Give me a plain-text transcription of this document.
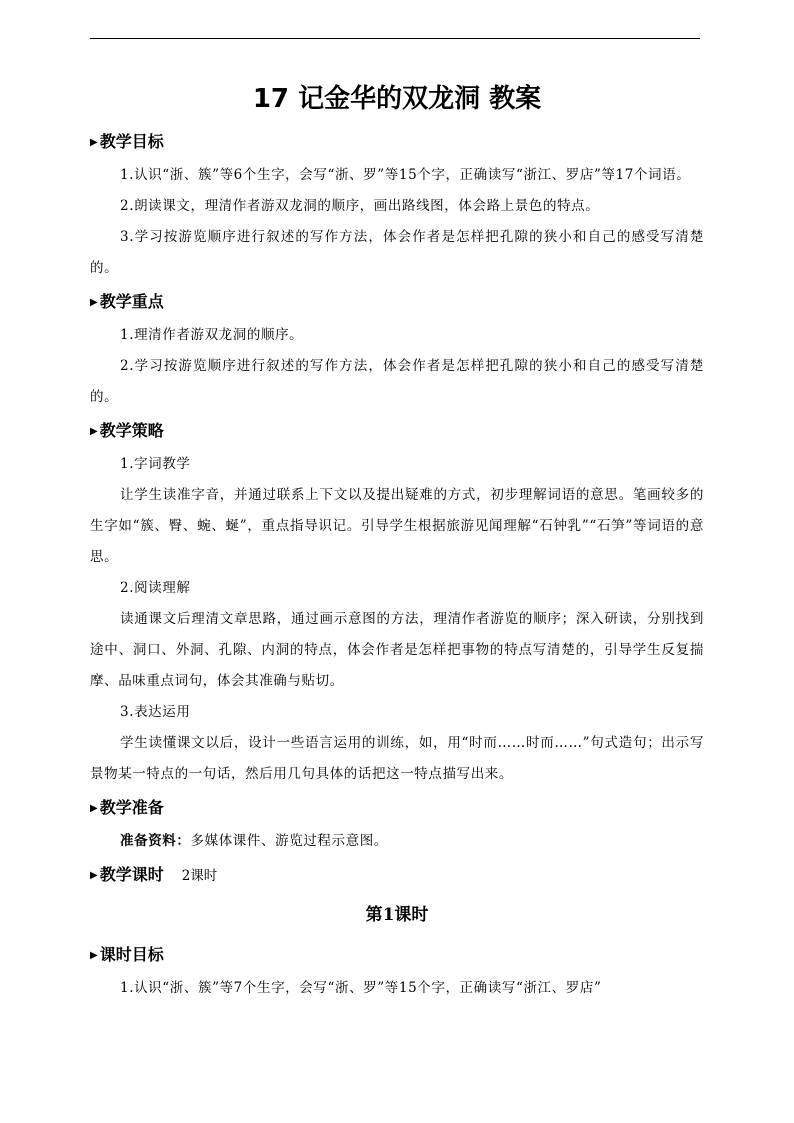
17 记金华的双龙洞 教案
▶ 教学目标

1.认识“浙、簇”等6个生字，会写“浙、罗”等15个字，正确读写“浙江、罗店”等17个词语。

2.朗读课文，理清作者游双龙洞的顺序，画出路线图，体会路上景色的特点。

3.学习按游览顺序进行叙述的写作方法，体会作者是怎样把孔隙的狭小和自己的感受写清楚的。

▶ 教学重点

1.理清作者游双龙洞的顺序。

2.学习按游览顺序进行叙述的写作方法，体会作者是怎样把孔隙的狭小和自己的感受写清楚的。

▶ 教学策略

1.字词教学

让学生读准字音，并通过联系上下文以及提出疑难的方式，初步理解词语的意思。笔画较多的生字如“簇、臀、蜿、蜒”，重点指导识记。引导学生根据旅游见闻理解“石钟乳”“石笋”等词语的意思。

2.阅读理解

读通课文后理清文章思路，通过画示意图的方法，理清作者游览的顺序；深入研读，分别找到途中、洞口、外洞、孔隙、内洞的特点，体会作者是怎样把事物的特点写清楚的，引导学生反复揣摩、品味重点词句，体会其准确与贴切。

3.表达运用

学生读懂课文以后，设计一些语言运用的训练，如，用“时而……时而……”句式造句；出示写景物某一特点的一句话，然后用几句具体的话把这一特点描写出来。

▶ 教学准备

准备资料：多媒体课件、游览过程示意图。

▶ 教学课时 2课时
第1课时
▶ 课时目标

1.认识“浙、簇”等7个生字，会写“浙、罗”等15个字，正确读写“浙江、罗店”
